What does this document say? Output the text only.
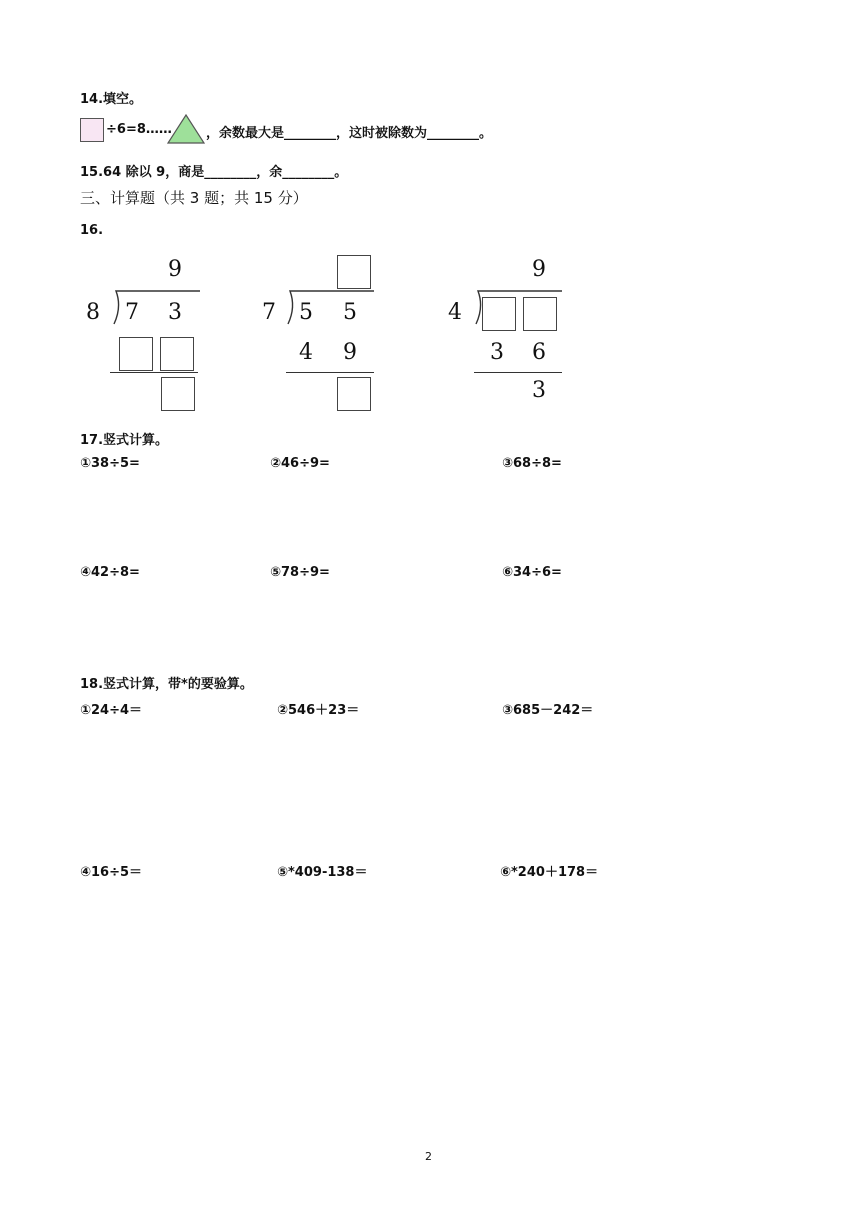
14.填空。
÷6=8……	，余数最大是________，这时被除数为________。
15.64 除以 9，商是________，余________。
三、计算题（共 3 题；共 15 分）
16.
9
8 7 3	7 5 5
4 9
9
4
3 6
3
17.竖式计算。
①38÷5=	②46÷9=	③68÷8=
④42÷8=	⑤78÷9=	⑥34÷6=
18.竖式计算，带*的要验算。
①24÷4＝	②546＋23＝	③685－242＝
④16÷5＝	⑤*409-138＝	⑥*240＋178＝
2
